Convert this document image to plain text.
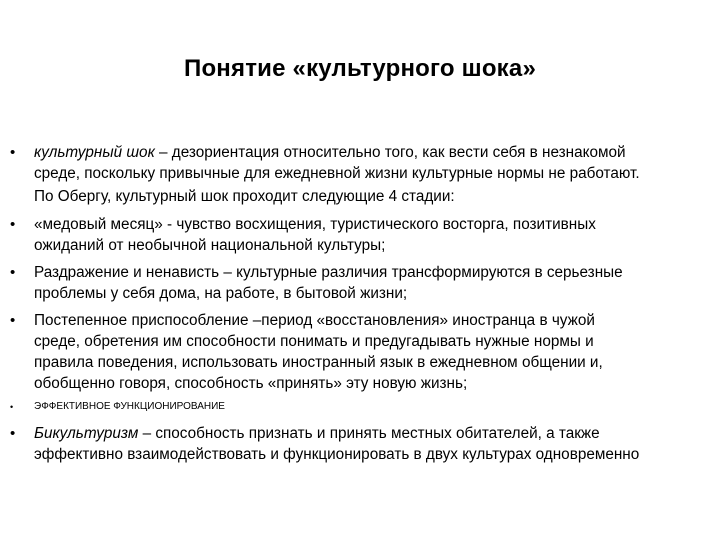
Понятие «культурного шока»
•	культурный шок – дезориентация относительно того, как вести себя в незнакомой
среде, поскольку привычные для ежедневной жизни культурные нормы не работают.
По Обергу, культурный шок проходит следующие 4 стадии:
•	«медовый месяц» - чувство восхищения, туристического восторга, позитивных
ожиданий от необычной национальной культуры;
•	Раздражение и ненависть – культурные различия трансформируются в серьезные
проблемы у себя дома, на работе, в бытовой жизни;
•	Постепенное приспособление –период «восстановления» иностранца в чужой
среде, обретения им способности понимать и предугадывать нужные нормы и
правила поведения, использовать иностранный язык в ежедневном общении и,
обобщенно говоря, способность «принять» эту новую жизнь;
•	ЭФФЕКТИВНОЕ ФУНКЦИОНИРОВАНИЕ
•	Бикультуризм – способность признать и принять местных обитателей, а также
эффективно взаимодействовать и функционировать в двух культурах одновременно
